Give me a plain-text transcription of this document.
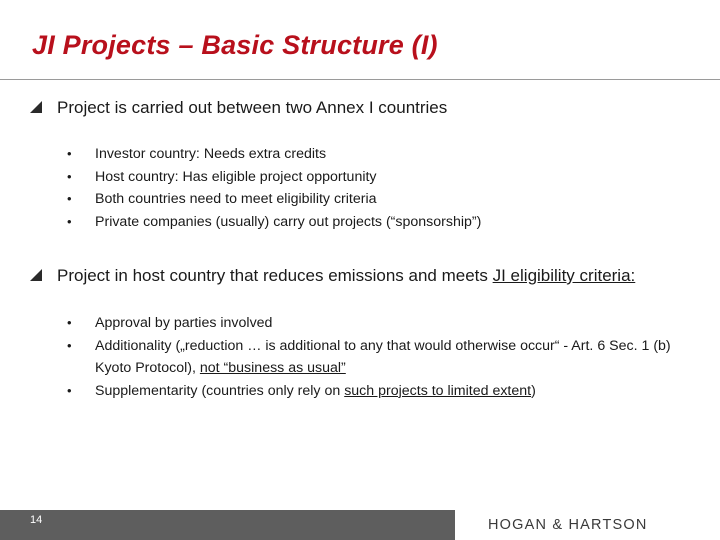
JI Projects – Basic Structure (I)
Project is carried out between two Annex I countries
• Investor country: Needs extra credits
• Host country: Has eligible project opportunity
• Both countries need to meet eligibility criteria
• Private companies (usually) carry out projects (“sponsorship”)
Project in host country that reduces emissions and meets JI eligibility criteria:
• Approval by parties involved
• Additionality („reduction … is additional to any that would otherwise occur“ - Art. 6 Sec. 1 (b) Kyoto Protocol), not “business as usual”
• Supplementarity (countries only rely on such projects to limited extent)
14	HOGAN & HARTSON
